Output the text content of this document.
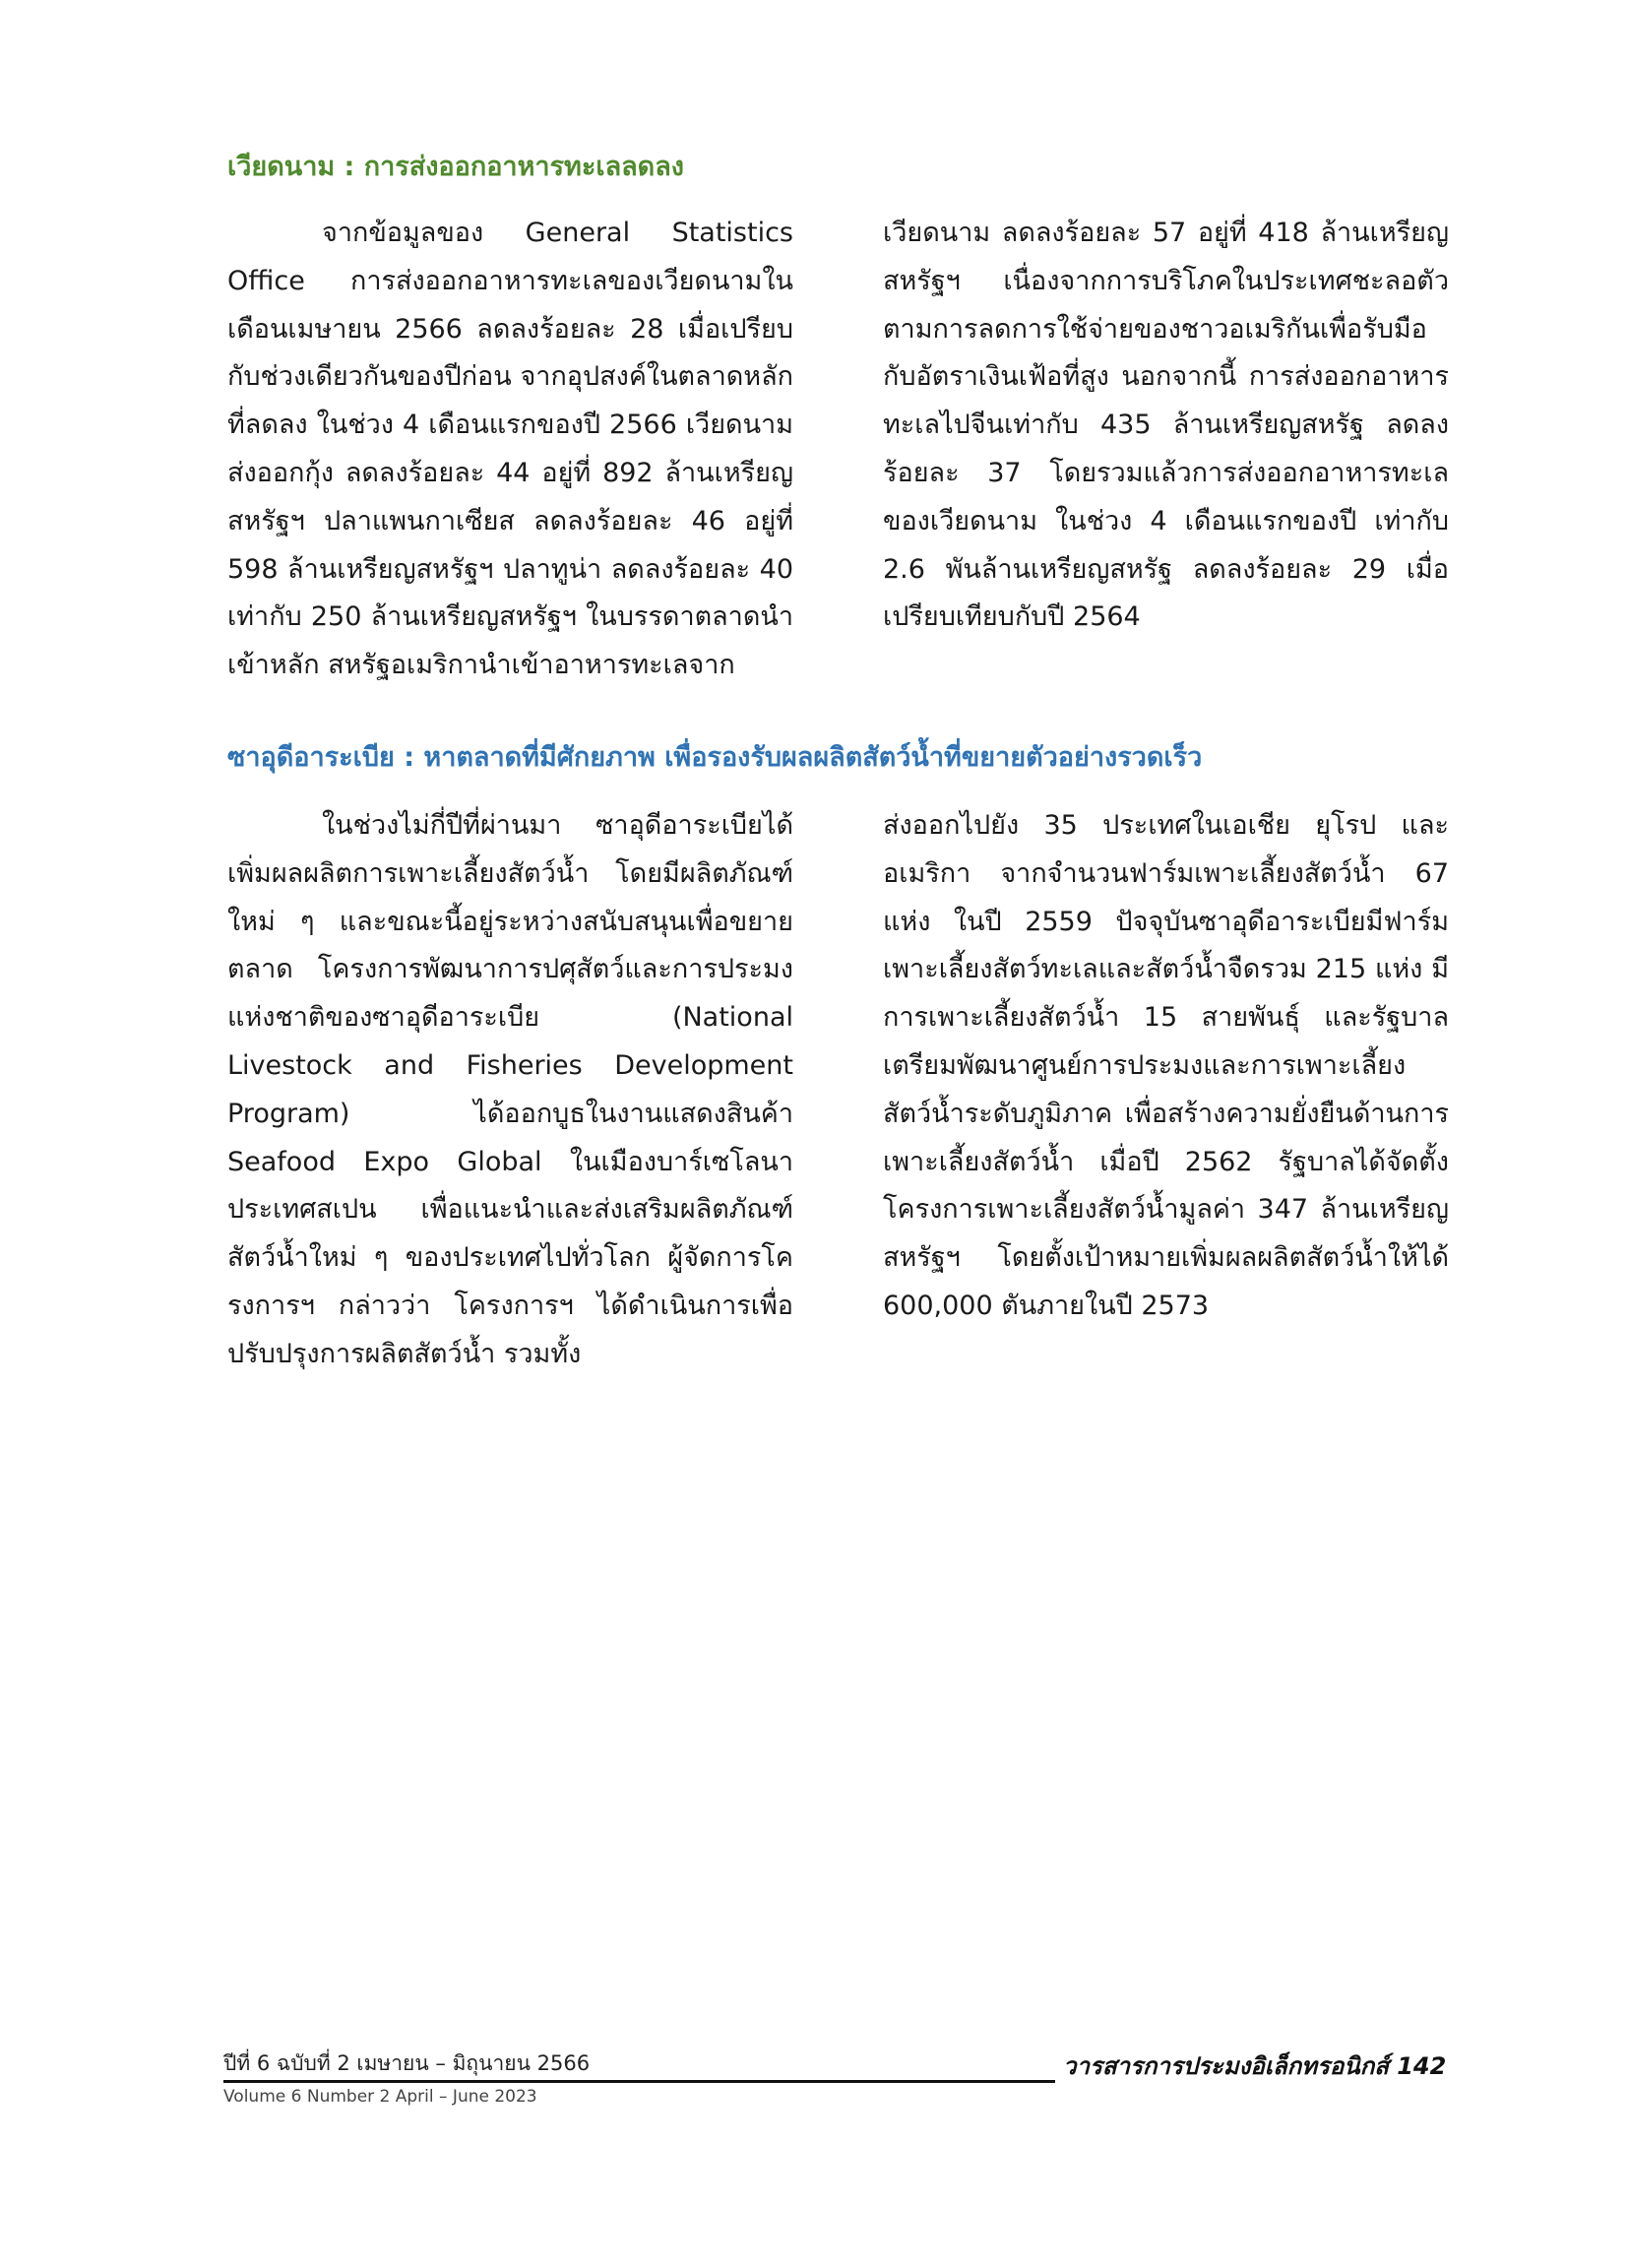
เวียดนาม : การส่งออกอาหารทะเลลดลง

จากข้อมูลของ General Statistics Office การส่งออกอาหารทะเลของเวียดนามในเดือนเมษายน 2566 ลดลงร้อยละ 28 เมื่อเปรียบกับช่วงเดียวกันของปีก่อน จากอุปสงค์ในตลาดหลักที่ลดลง ในช่วง 4 เดือนแรกของปี 2566 เวียดนามส่งออกกุ้ง ลดลงร้อยละ 44 อยู่ที่ 892 ล้านเหรียญสหรัฐฯ ปลาแพนกาเซียส ลดลงร้อยละ 46 อยู่ที่ 598 ล้านเหรียญสหรัฐฯ ปลาทูน่า ลดลงร้อยละ 40 เท่ากับ 250 ล้านเหรียญสหรัฐฯ ในบรรดาตลาดนำเข้าหลัก สหรัฐอเมริกานำเข้าอาหารทะเลจาก

เวียดนาม ลดลงร้อยละ 57 อยู่ที่ 418 ล้านเหรียญสหรัฐฯ เนื่องจากการบริโภคในประเทศชะลอตัวตามการลดการใช้จ่ายของชาวอเมริกันเพื่อรับมือกับอัตราเงินเฟ้อที่สูง นอกจากนี้ การส่งออกอาหารทะเลไปจีนเท่ากับ 435 ล้านเหรียญสหรัฐ ลดลงร้อยละ 37 โดยรวมแล้วการส่งออกอาหารทะเลของเวียดนาม ในช่วง 4 เดือนแรกของปี เท่ากับ 2.6 พันล้านเหรียญสหรัฐ ลดลงร้อยละ 29 เมื่อเปรียบเทียบกับปี 2564

ซาอุดีอาระเบีย : หาตลาดที่มีศักยภาพ เพื่อรองรับผลผลิตสัตว์น้ำที่ขยายตัวอย่างรวดเร็ว

ในช่วงไม่กี่ปีที่ผ่านมา ซาอุดีอาระเบียได้เพิ่มผลผลิตการเพาะเลี้ยงสัตว์น้ำ โดยมีผลิตภัณฑ์ใหม่ ๆ และขณะนี้อยู่ระหว่างสนับสนุนเพื่อขยายตลาด โครงการพัฒนาการปศุสัตว์และการประมงแห่งชาติของซาอุดีอาระเบีย (National Livestock and Fisheries Development Program) ได้ออกบูธในงานแสดงสินค้า Seafood Expo Global ในเมืองบาร์เซโลนา ประเทศสเปน เพื่อแนะนำและส่งเสริมผลิตภัณฑ์สัตว์น้ำใหม่ ๆ ของประเทศไปทั่วโลก ผู้จัดการโครงการฯ กล่าวว่า โครงการฯ ได้ดำเนินการเพื่อปรับปรุงการผลิตสัตว์น้ำ รวมทั้ง

ส่งออกไปยัง 35 ประเทศในเอเชีย ยุโรป และอเมริกา จากจำนวนฟาร์มเพาะเลี้ยงสัตว์น้ำ 67 แห่ง ในปี 2559 ปัจจุบันซาอุดีอาระเบียมีฟาร์มเพาะเลี้ยงสัตว์ทะเลและสัตว์น้ำจืดรวม 215 แห่ง มีการเพาะเลี้ยงสัตว์น้ำ 15 สายพันธุ์ และรัฐบาลเตรียมพัฒนาศูนย์การประมงและการเพาะเลี้ยงสัตว์น้ำระดับภูมิภาค เพื่อสร้างความยั่งยืนด้านการเพาะเลี้ยงสัตว์น้ำ เมื่อปี 2562 รัฐบาลได้จัดตั้งโครงการเพาะเลี้ยงสัตว์น้ำมูลค่า 347 ล้านเหรียญสหรัฐฯ โดยตั้งเป้าหมายเพิ่มผลผลิตสัตว์น้ำให้ได้ 600,000 ตันภายในปี 2573

ปีที่ 6 ฉบับที่ 2 เมษายน – มิถุนายน 2566
Volume 6 Number 2 April – June 2023
วารสารการประมงอิเล็กทรอนิกส์ 142
